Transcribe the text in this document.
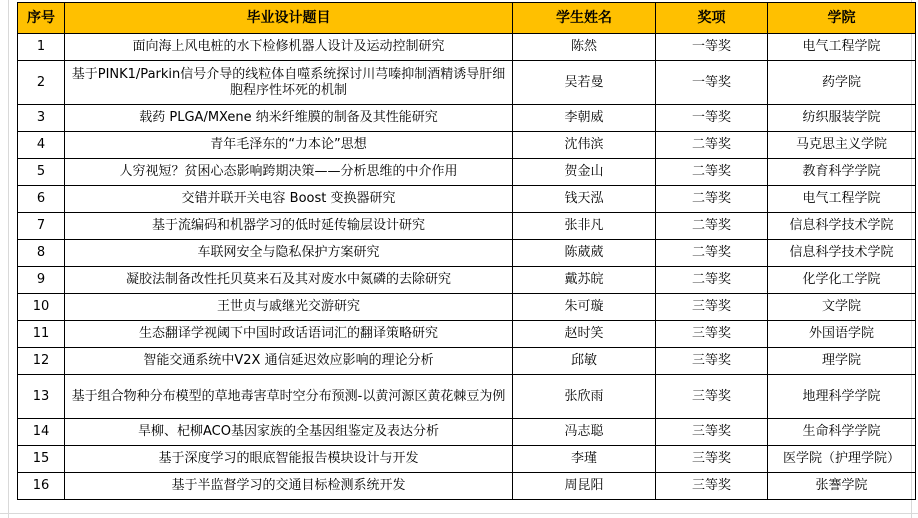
序号	毕业设计题目	学生姓名	奖项	学院
1	面向海上风电桩的水下检修机器人设计及运动控制研究	陈然	一等奖	电气工程学院
2	基于PINK1/Parkin信号介导的线粒体自噬系统探讨川芎嗪抑制酒精诱导肝细胞程序性坏死的机制	吴若曼	一等奖	药学院
3	载药 PLGA/MXene 纳米纤维膜的制备及其性能研究	李朝威	一等奖	纺织服装学院
4	青年毛泽东的“力本论”思想	沈伟滨	二等奖	马克思主义学院
5	人穷视短？贫困心态影响跨期决策——分析思维的中介作用	贺金山	二等奖	教育科学学院
6	交错并联开关电容 Boost 变换器研究	钱天泓	二等奖	电气工程学院
7	基于流编码和机器学习的低时延传输层设计研究	张非凡	二等奖	信息科学技术学院
8	车联网安全与隐私保护方案研究	陈葳葳	二等奖	信息科学技术学院
9	凝胶法制备改性托贝莫来石及其对废水中氮磷的去除研究	戴苏皖	二等奖	化学化工学院
10	王世贞与戚继光交游研究	朱可璇	三等奖	文学院
11	生态翻译学视阈下中国时政话语词汇的翻译策略研究	赵时笑	三等奖	外国语学院
12	智能交通系统中V2X 通信延迟效应影响的理论分析	邱敏	三等奖	理学院
13	基于组合物种分布模型的草地毒害草时空分布预测-以黄河源区黄花棘豆为例	张欣雨	三等奖	地理科学学院
14	旱柳、杞柳ACO基因家族的全基因组鉴定及表达分析	冯志聪	三等奖	生命科学学院
15	基于深度学习的眼底智能报告模块设计与开发	李瑾	三等奖	医学院（护理学院）
16	基于半监督学习的交通目标检测系统开发	周昆阳	三等奖	张謇学院
